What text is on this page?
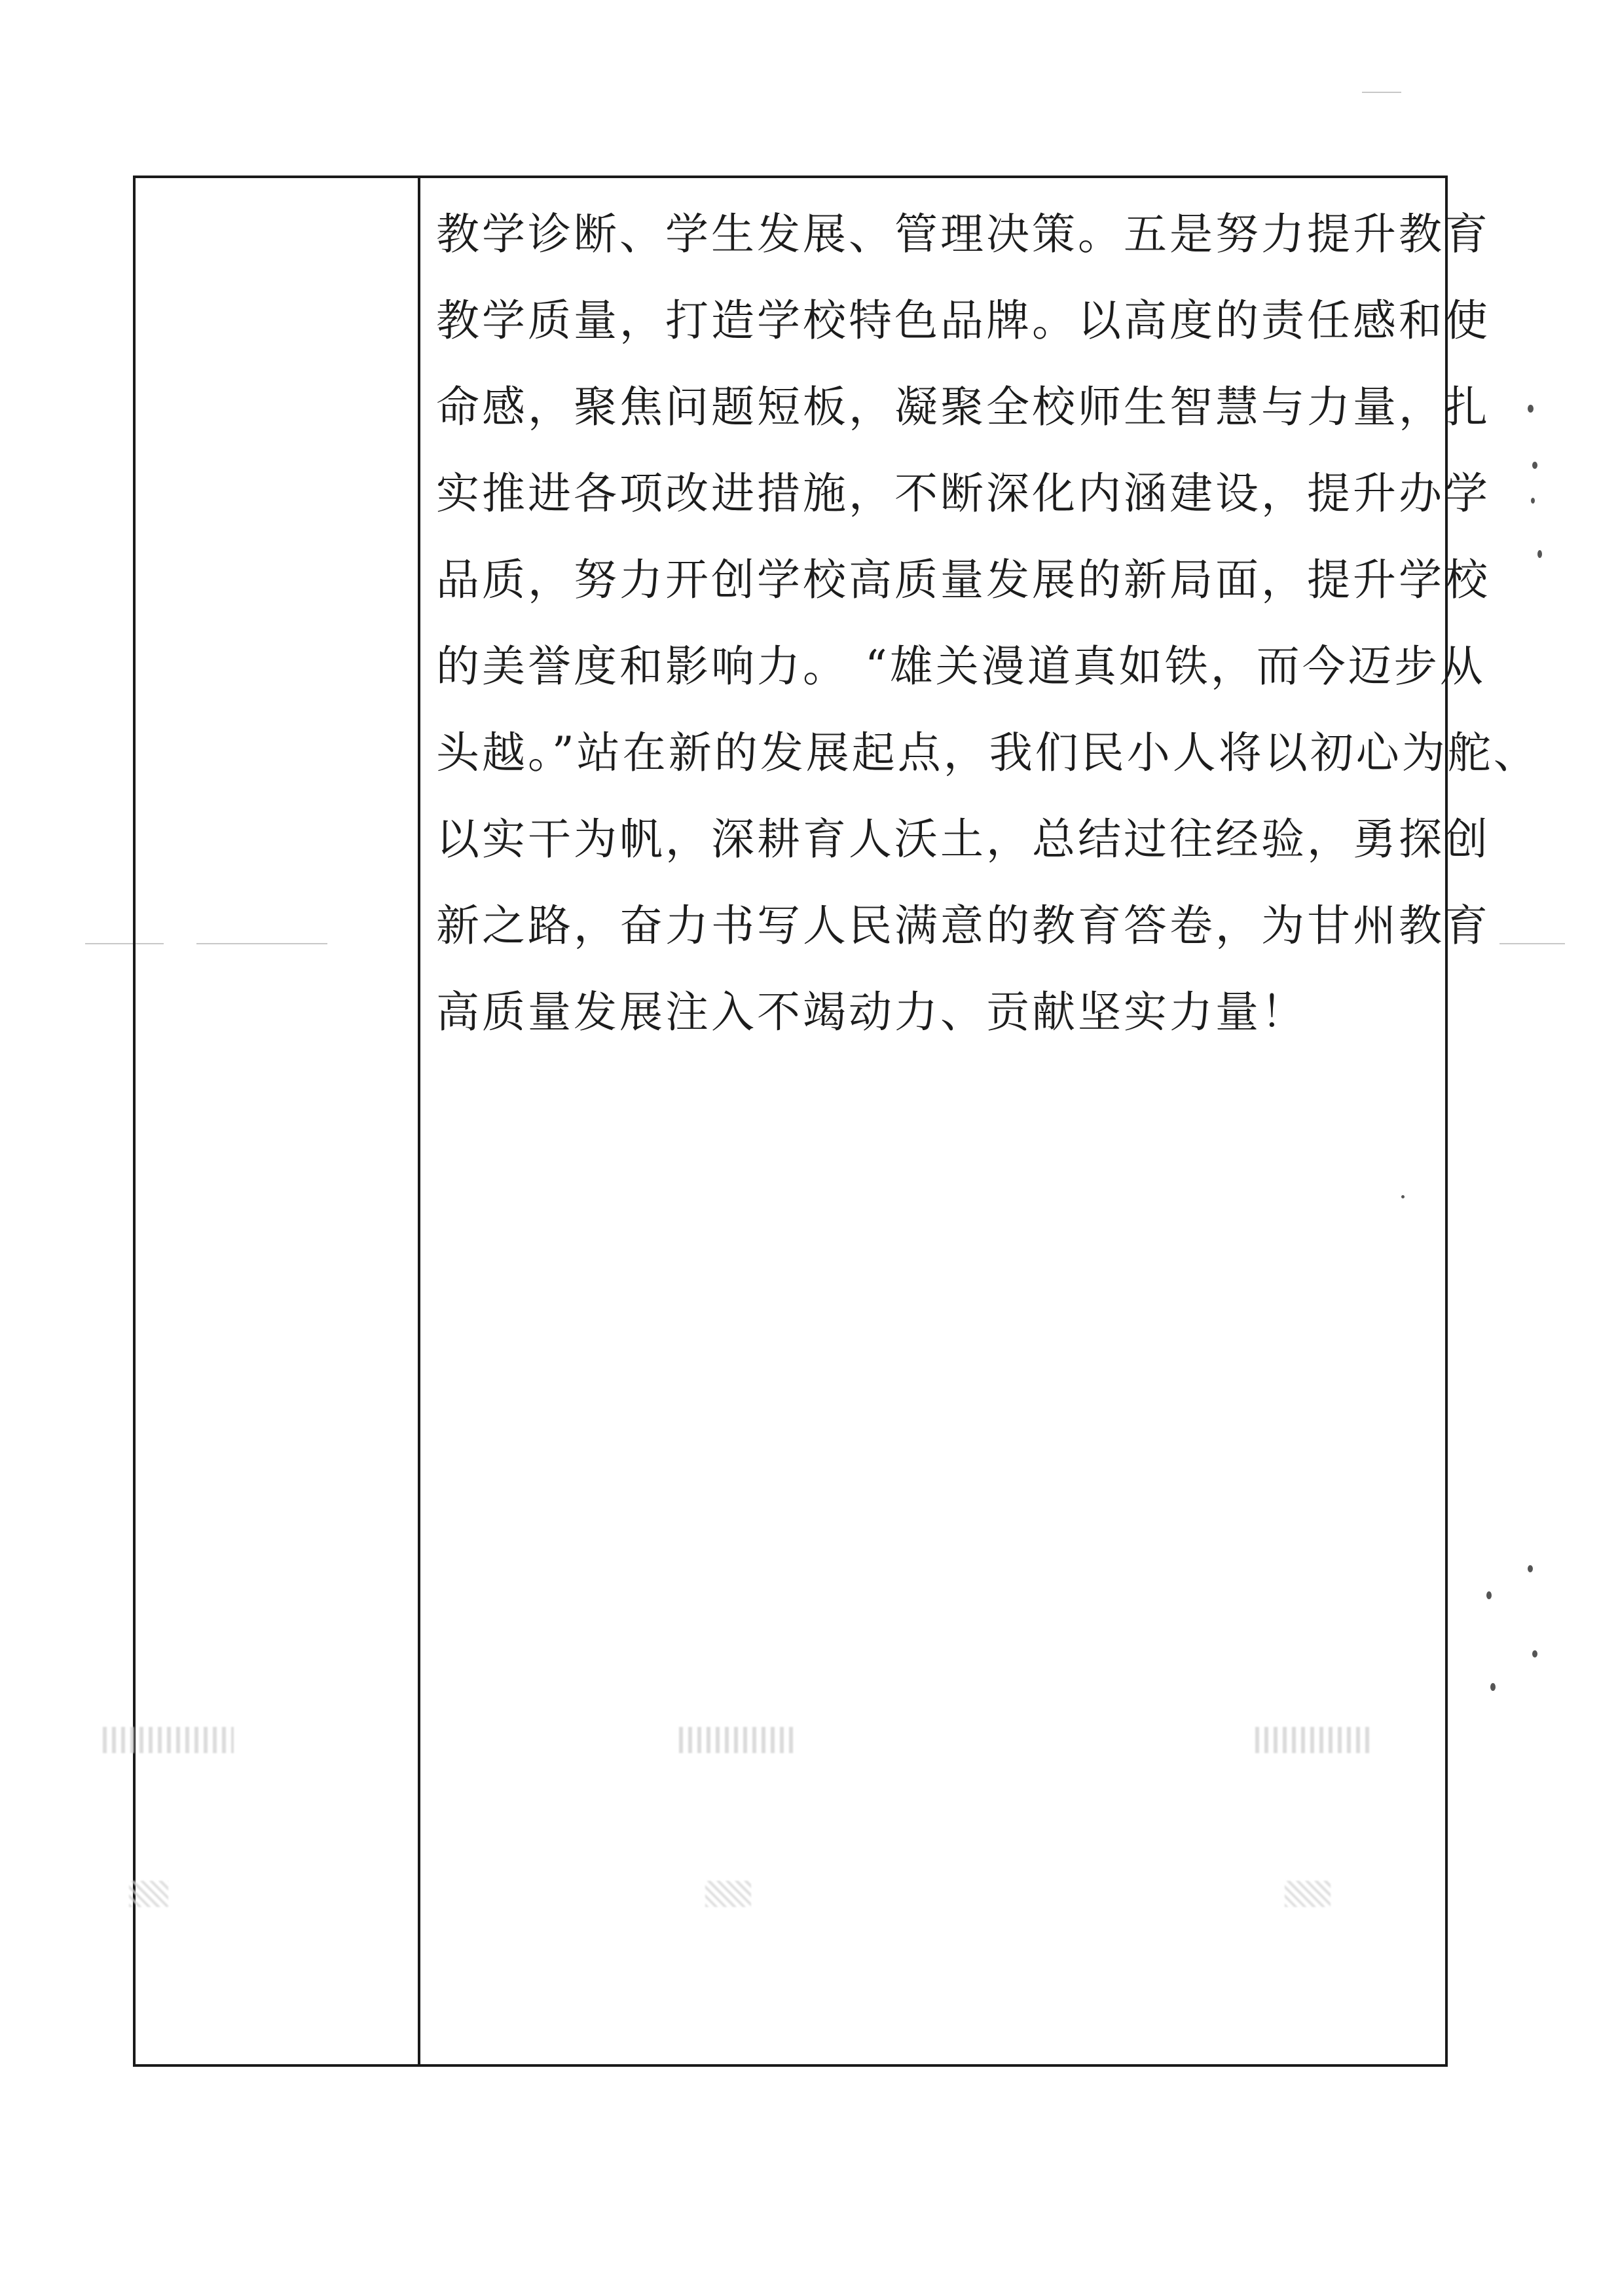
教学诊断、学生发展、管理决策。五是努力提升教育
教学质量，打造学校特色品牌。以高度的责任感和使
命感，聚焦问题短板，凝聚全校师生智慧与力量，扎
实推进各项改进措施，不断深化内涵建设，提升办学
品质，努力开创学校高质量发展的新局面，提升学校
的美誉度和影响力。 “雄关漫道真如铁，而今迈步从
头越。”站在新的发展起点，我们民小人将以初心为舵、
以实干为帆，深耕育人沃土，总结过往经验，勇探创
新之路，奋力书写人民满意的教育答卷，为甘州教育
高质量发展注入不竭动力、贡献坚实力量！
